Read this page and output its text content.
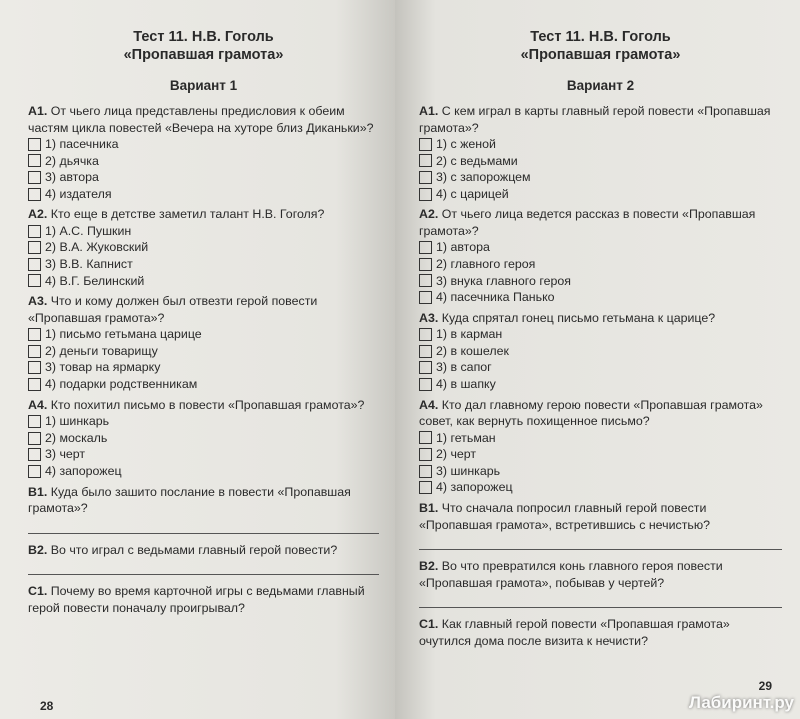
Тест 11. Н.В. Гоголь
«Пропавшая грамота»
Вариант 1

A1. От чьего лица представлены предисловия к обеим частям цикла повестей «Вечера на хуторе близ Диканьки»?

1) пасечника
2) дьячка
3) автора
4) издателя

A2. Кто еще в детстве заметил талант Н.В. Гоголя?

1) А.С. Пушкин
2) В.А. Жуковский
3) В.В. Капнист
4) В.Г. Белинский

A3. Что и кому должен был отвезти герой повести «Пропавшая грамота»?

1) письмо гетьмана царице
2) деньги товарищу
3) товар на ярмарку
4) подарки родственникам

A4. Кто похитил письмо в повести «Пропавшая грамота»?

1) шинкарь
2) москаль
3) черт
4) запорожец

B1. Куда было зашито послание в повести «Пропавшая грамота»?

B2. Во что играл с ведьмами главный герой повести?

C1. Почему во время карточной игры с ведьмами главный герой повести поначалу проигрывал?

28
Тест 11. Н.В. Гоголь
«Пропавшая грамота»
Вариант 2

A1. С кем играл в карты главный герой повести «Пропавшая грамота»?

1) с женой
2) с ведьмами
3) с запорожцем
4) с царицей

A2. От чьего лица ведется рассказ в повести «Пропавшая грамота»?

1) автора
2) главного героя
3) внука главного героя
4) пасечника Панько

A3. Куда спрятал гонец письмо гетьмана к царице?

1) в карман
2) в кошелек
3) в сапог
4) в шапку

A4. Кто дал главному герою повести «Пропавшая грамота» совет, как вернуть похищенное письмо?

1) гетьман
2) черт
3) шинкарь
4) запорожец

B1. Что сначала попросил главный герой повести «Пропавшая грамота», встретившись с нечистью?

B2. Во что превратился конь главного героя повести «Пропавшая грамота», побывав у чертей?

C1. Как главный герой повести «Пропавшая грамота» очутился дома после визита к нечисти?

29
Лабиринт.ру
